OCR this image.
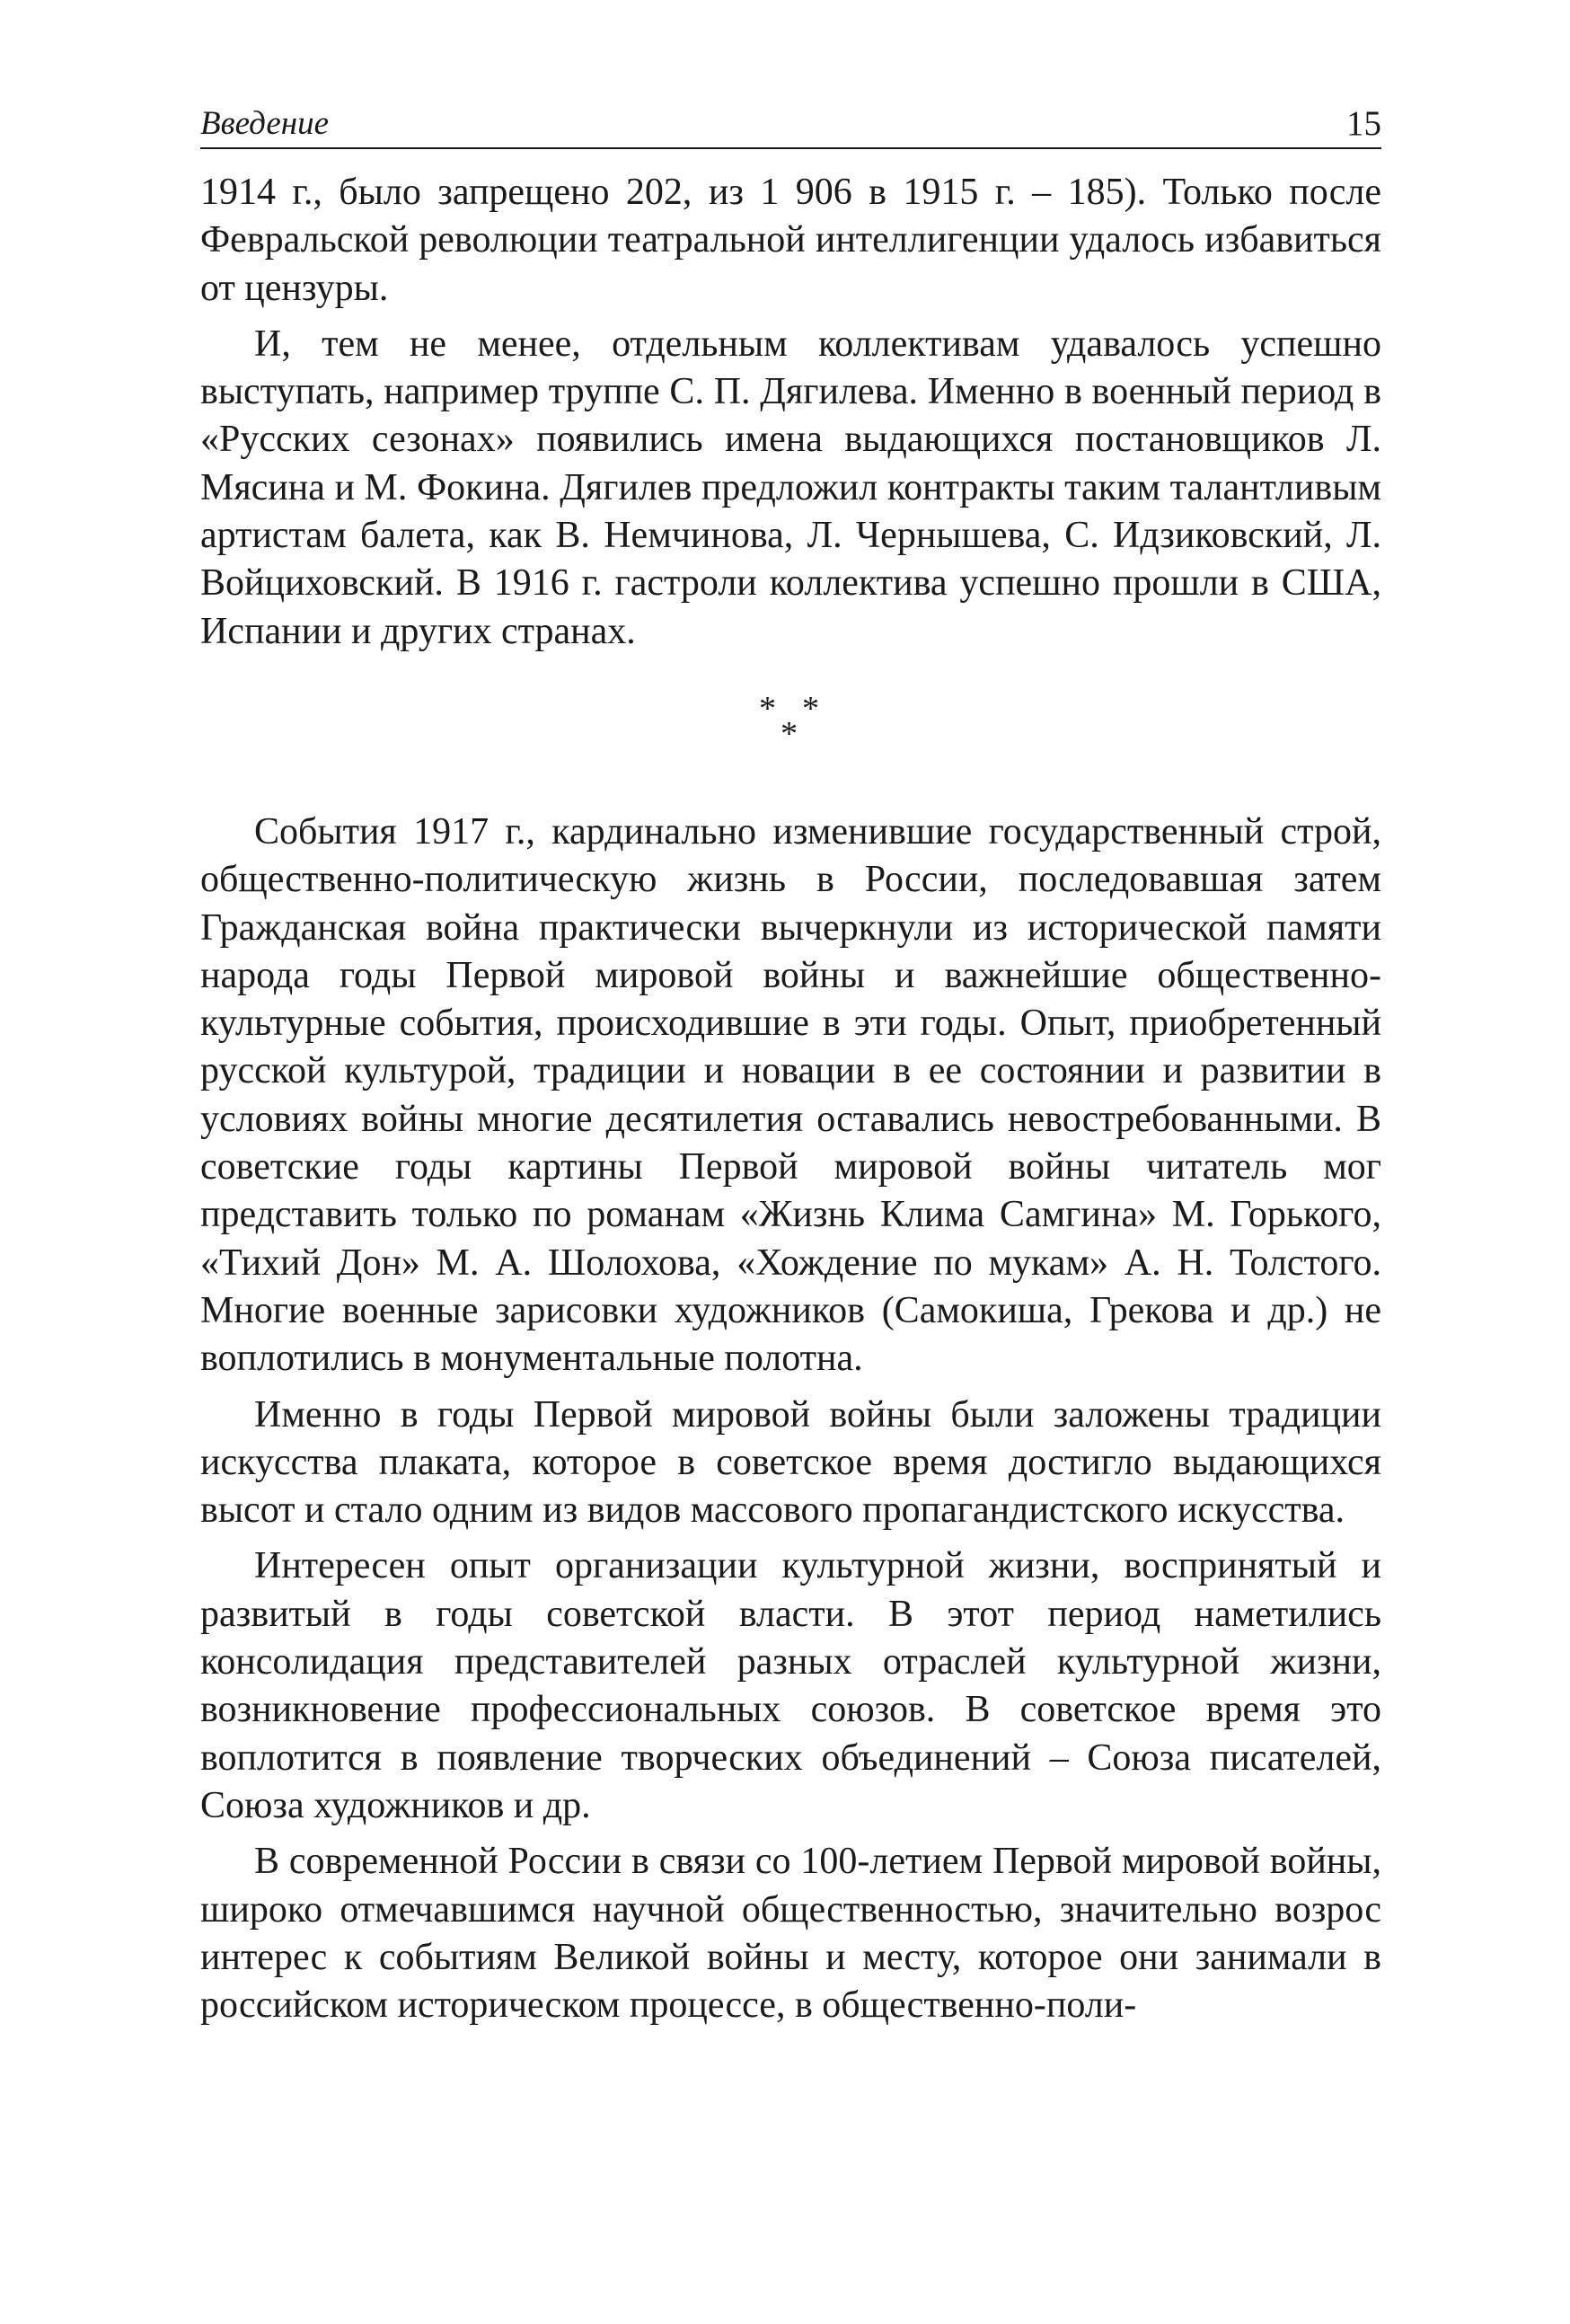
Введение	15

1914 г., было запрещено 202, из 1 906 в 1915 г. – 185). Только после Февральской революции театральной интеллигенции удалось избавиться от цензуры.

И, тем не менее, отдельным коллективам удавалось успешно выступать, например труппе С. П. Дягилева. Именно в военный период в «Русских сезонах» появились имена выдающихся постановщиков Л. Мясина и М. Фокина. Дягилев предложил контракты таким талантливым артистам балета, как В. Немчинова, Л. Чернышева, С. Идзиковский, Л. Войциховский. В 1916 г. гастроли коллектива успешно прошли в США, Испании и других странах.

* *
*

События 1917 г., кардинально изменившие государственный строй, общественно-политическую жизнь в России, последовавшая затем Гражданская война практически вычеркнули из исторической памяти народа годы Первой мировой войны и важнейшие общественно-культурные события, происходившие в эти годы. Опыт, приобретенный русской культурой, традиции и новации в ее состоянии и развитии в условиях войны многие десятилетия оставались невостребованными. В советские годы картины Первой мировой войны читатель мог представить только по романам «Жизнь Клима Самгина» М. Горького, «Тихий Дон» М. А. Шолохова, «Хождение по мукам» А. Н. Толстого. Многие военные зарисовки художников (Самокиша, Грекова и др.) не воплотились в монументальные полотна.

Именно в годы Первой мировой войны были заложены традиции искусства плаката, которое в советское время достигло выдающихся высот и стало одним из видов массового пропагандистского искусства.

Интересен опыт организации культурной жизни, воспринятый и развитый в годы советской власти. В этот период наметились консолидация представителей разных отраслей культурной жизни, возникновение профессиональных союзов. В советское время это воплотится в появление творческих объединений – Союза писателей, Союза художников и др.

В современной России в связи со 100-летием Первой мировой войны, широко отмечавшимся научной общественностью, значительно возрос интерес к событиям Великой войны и месту, которое они занимали в российском историческом процессе, в общественно-поли-
